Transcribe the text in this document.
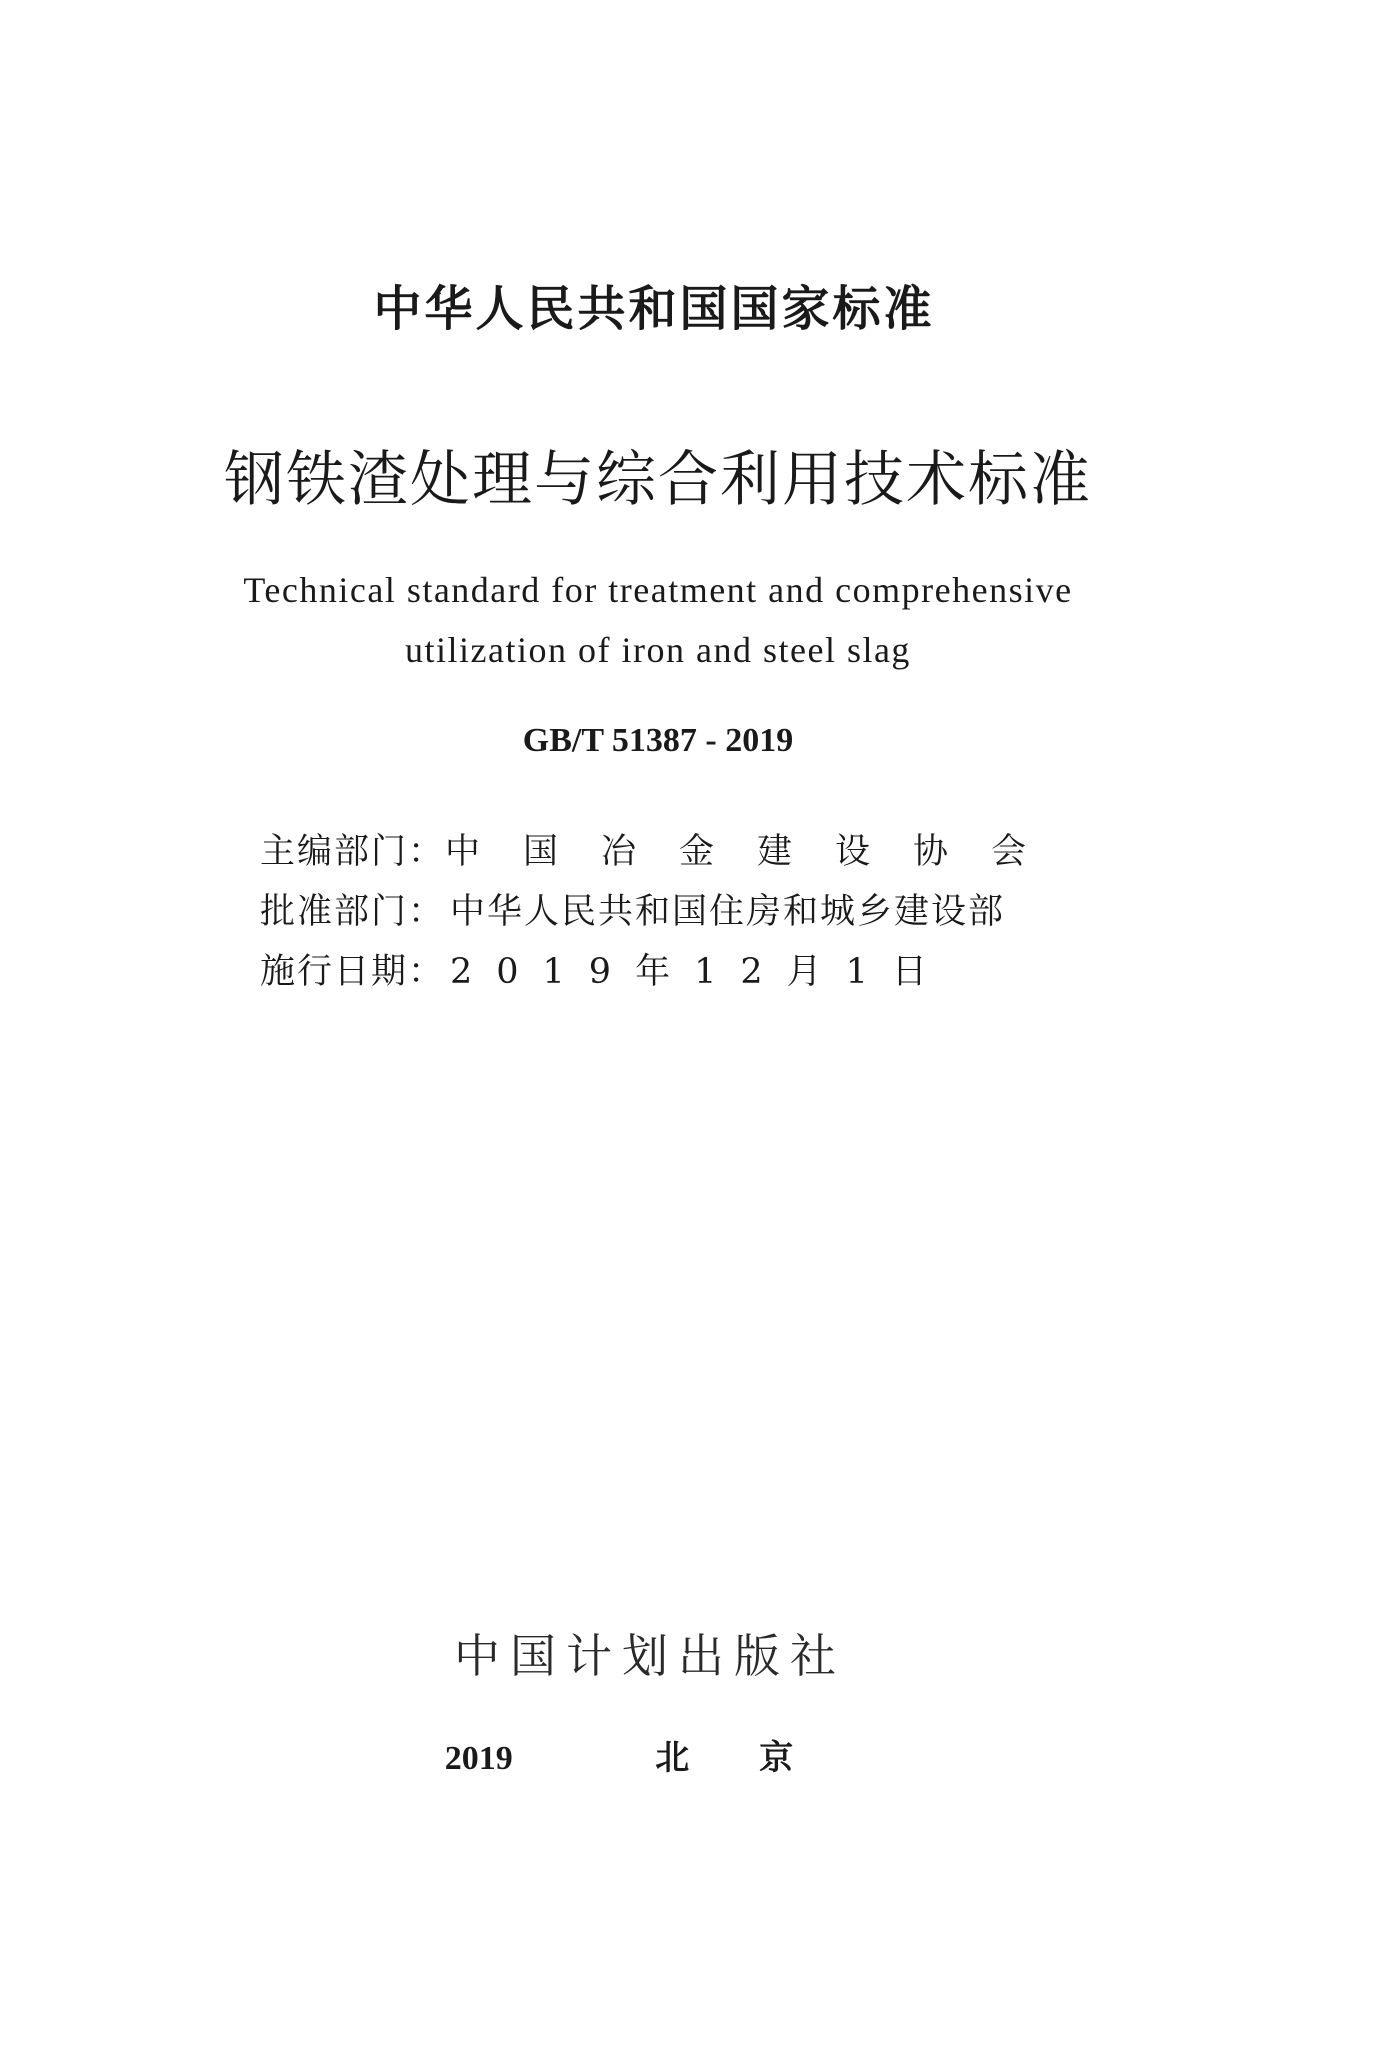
中华人民共和国国家标准
钢铁渣处理与综合利用技术标准
Technical standard for treatment and comprehensive
utilization of iron and steel slag
GB/T 51387 - 2019
主编部门： 中国冶金建设协会
批准部门： 中华人民共和国住房和城乡建设部
施行日期： 2019年12月1日
中国计划出版社
2019	北京
